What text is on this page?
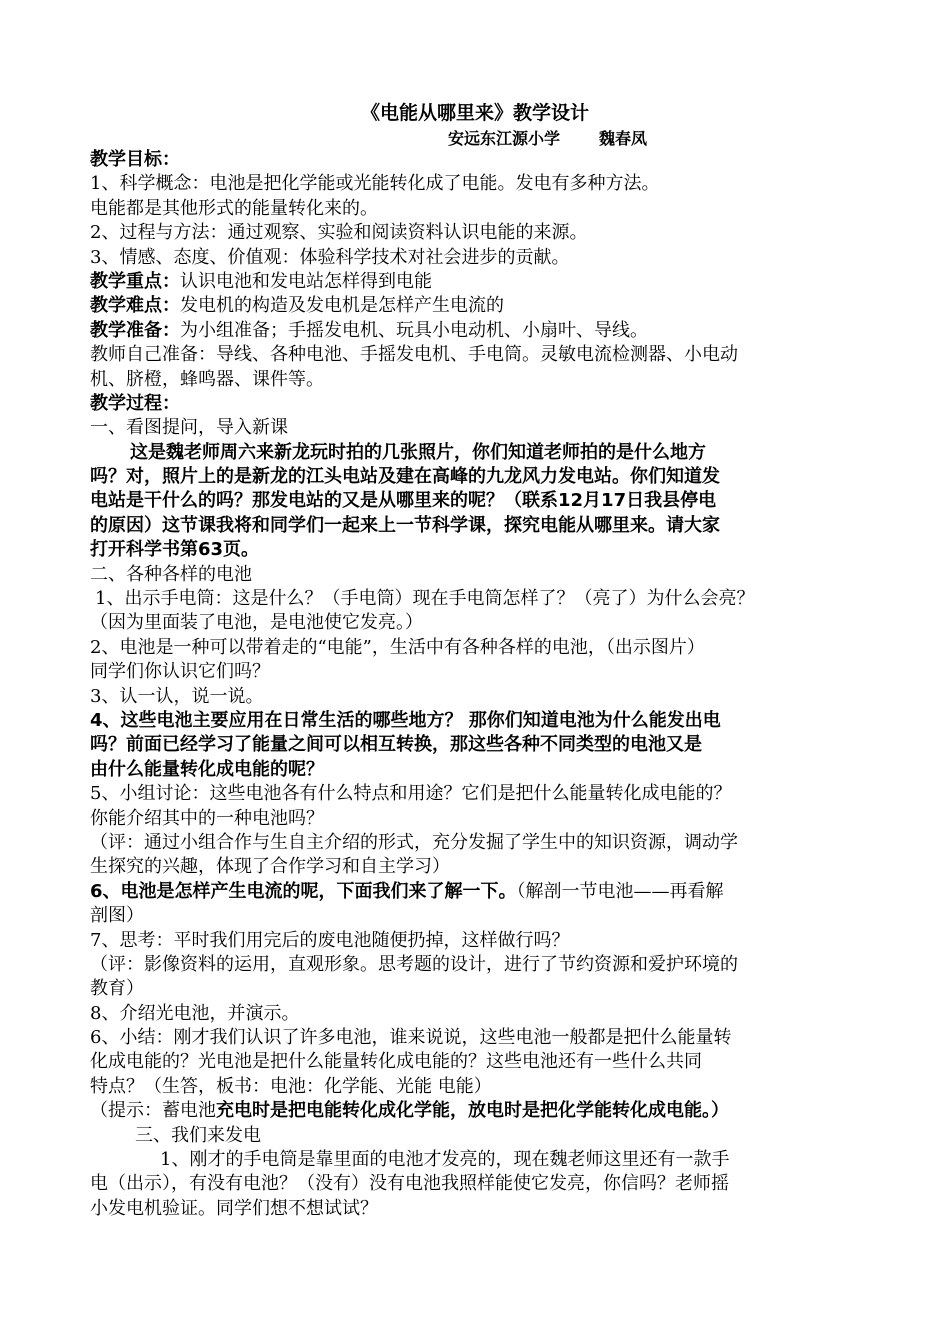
《电能从哪里来》教学设计
安远东江源小学       魏春凤
教学目标：
1、科学概念：电池是把化学能或光能转化成了电能。发电有多种方法。
电能都是其他形式的能量转化来的。
2、过程与方法：通过观察、实验和阅读资料认识电能的来源。
3、情感、态度、价值观：体验科学技术对社会进步的贡献。
教学重点：认识电池和发电站怎样得到电能
教学难点：发电机的构造及发电机是怎样产生电流的
教学准备：为小组准备；手摇发电机、玩具小电动机、小扇叶、导线。
教师自己准备：导线、各种电池、手摇发电机、手电筒。灵敏电流检测器、小电动
机、脐橙，蜂鸣器、课件等。
教学过程：
一、看图提问，导入新课
这是魏老师周六来新龙玩时拍的几张照片，你们知道老师拍的是什么地方
吗？对，照片上的是新龙的江头电站及建在高峰的九龙风力发电站。你们知道发
电站是干什么的吗？那发电站的又是从哪里来的呢？（联系12月17日我县停电
的原因）这节课我将和同学们一起来上一节科学课，探究电能从哪里来。请大家
打开科学书第63页。
二、各种各样的电池
1、出示手电筒：这是什么？（手电筒）现在手电筒怎样了？（亮了）为什么会亮？
（因为里面装了电池，是电池使它发亮。）
2、电池是一种可以带着走的“电能”，生活中有各种各样的电池，（出示图片）
同学们你认识它们吗？
3、认一认，说一说。
4、这些电池主要应用在日常生活的哪些地方？ 那你们知道电池为什么能发出电
吗？前面已经学习了能量之间可以相互转换，那这些各种不同类型的电池又是
由什么能量转化成电能的呢？
5、小组讨论：这些电池各有什么特点和用途？它们是把什么能量转化成电能的？
你能介绍其中的一种电池吗？
（评：通过小组合作与生自主介绍的形式，充分发掘了学生中的知识资源，调动学
生探究的兴趣，体现了合作学习和自主学习）
6、电池是怎样产生电流的呢，下面我们来了解一下。（解剖一节电池——再看解
剖图）
7、思考：平时我们用完后的废电池随便扔掉，这样做行吗？
（评：影像资料的运用，直观形象。思考题的设计，进行了节约资源和爱护环境的
教育）
8、介绍光电池，并演示。
6、小结：刚才我们认识了许多电池，谁来说说，这些电池一般都是把什么能量转
化成电能的？光电池是把什么能量转化成电能的？这些电池还有一些什么共同
特点？（生答，板书：电池：化学能、光能 电能）
（提示：蓄电池充电时是把电能转化成化学能，放电时是把化学能转化成电能。）
三、我们来发电
1、刚才的手电筒是靠里面的电池才发亮的，现在魏老师这里还有一款手
电（出示），有没有电池？（没有）没有电池我照样能使它发亮，你信吗？老师摇
小发电机验证。同学们想不想试试？
